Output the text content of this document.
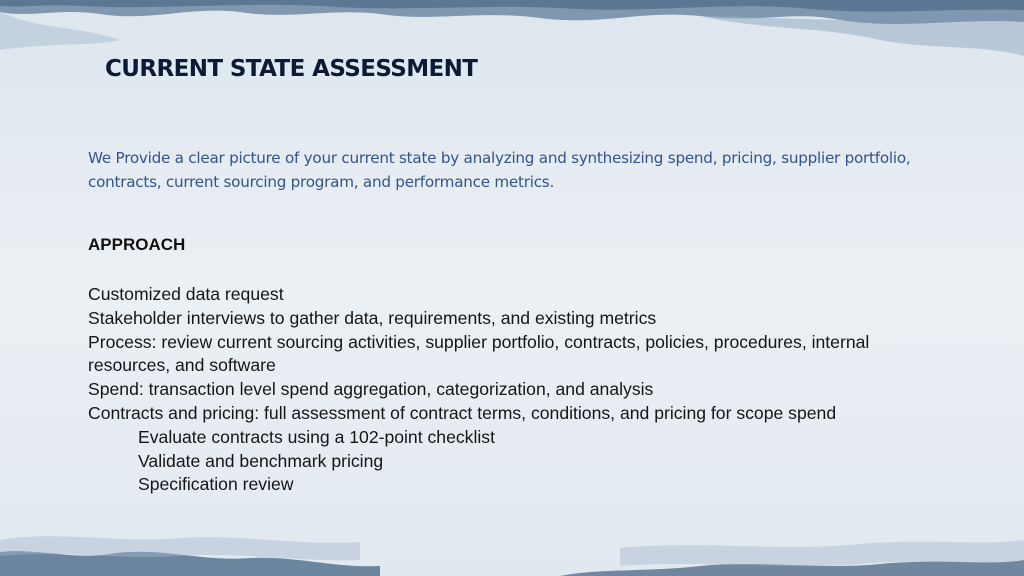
CURRENT STATE ASSESSMENT
We Provide a clear picture of your current state by analyzing and synthesizing spend, pricing, supplier portfolio, contracts, current sourcing program, and performance metrics.
APPROACH

Customized data request

Stakeholder interviews to gather data, requirements, and existing metrics

Process: review current sourcing activities, supplier portfolio, contracts, policies, procedures, internal resources, and software

Spend: transaction level spend aggregation, categorization, and analysis

Contracts and pricing: full assessment of contract terms, conditions, and pricing for scope spend

Evaluate contracts using a 102-point checklist

Validate and benchmark pricing

Specification review
